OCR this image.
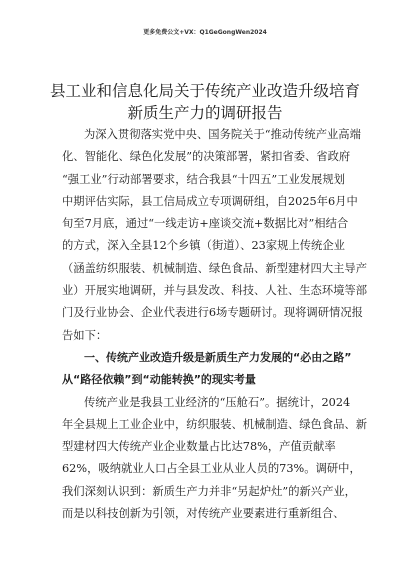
更多免费公文+VX：Q1GeGongWen2024
县工业和信息化局关于传统产业改造升级培育
新质生产力的调研报告
为深入贯彻落实党中央、国务院关于“推动传统产业高端
化、智能化、绿色化发展”的决策部署，紧扣省委、省政府
“强工业”行动部署要求，结合我县“十四五”工业发展规划
中期评估实际，县工信局成立专项调研组，自2025年6月中
旬至7月底，通过“一线走访+座谈交流+数据比对”相结合
的方式，深入全县12个乡镇（街道）、23家规上传统企业
（涵盖纺织服装、机械制造、绿色食品、新型建材四大主导产
业）开展实地调研，并与县发改、科技、人社、生态环境等部
门及行业协会、企业代表进行6场专题研讨。现将调研情况报
告如下：
一、传统产业改造升级是新质生产力发展的“必由之路”
从“路径依赖”到“动能转换”的现实考量
传统产业是我县工业经济的“压舱石”。据统计，2024
年全县规上工业企业中，纺织服装、机械制造、绿色食品、新
型建材四大传统产业企业数量占比达78%，产值贡献率
62%，吸纳就业人口占全县工业从业人员的73%。调研中，
我们深刻认识到：新质生产力并非“另起炉灶”的新兴产业，
而是以科技创新为引领，对传统产业要素进行重新组合、
